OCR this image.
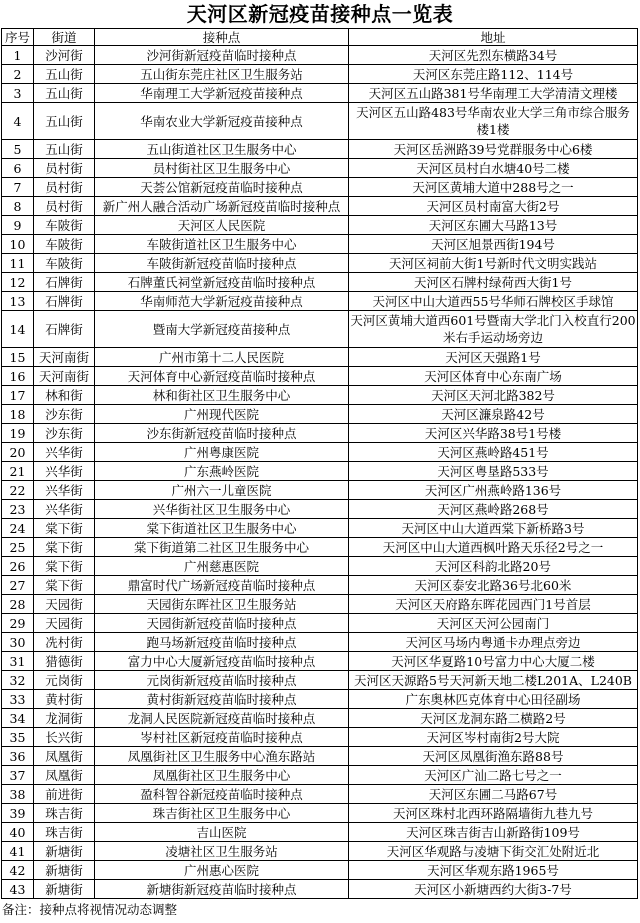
天河区新冠疫苗接种点一览表
序号	街道	接种点	地址
1	沙河街	沙河街新冠疫苗临时接种点	天河区先烈东横路34号
2	五山街	五山街东莞庄社区卫生服务站	天河区东莞庄路112、114号
3	五山街	华南理工大学新冠疫苗接种点	天河区五山路381号华南理工大学清清文理楼
4	五山街	华南农业大学新冠疫苗接种点	天河区五山路483号华南农业大学三角市综合服务楼1楼
5	五山街	五山街道社区卫生服务中心	天河区岳洲路39号党群服务中心6楼
6	员村街	员村街社区卫生服务中心	天河区员村白水塘40号二楼
7	员村街	天荟公馆新冠疫苗临时接种点	天河区黄埔大道中288号之一
8	员村街	新广州人融合活动广场新冠疫苗临时接种点	天河区员村南富大街2号
9	车陂街	天河区人民医院	天河区东圃大马路13号
10	车陂街	车陂街道社区卫生服务中心	天河区旭景西街194号
11	车陂街	车陂街新冠疫苗临时接种点	天河区祠前大街1号新时代文明实践站
12	石牌街	石牌董氏祠堂新冠疫苗临时接种点	天河区石牌村绿荷西大街1号
13	石牌街	华南师范大学新冠疫苗接种点	天河区中山大道西55号华师石牌校区手球馆
14	石牌街	暨南大学新冠疫苗接种点	天河区黄埔大道西601号暨南大学北门入校直行200米右手运动场旁边
15	天河南街	广州市第十二人民医院	天河区天强路1号
16	天河南街	天河体育中心新冠疫苗临时接种点	天河区体育中心东南广场
17	林和街	林和街社区卫生服务中心	天河区天河北路382号
18	沙东街	广州现代医院	天河区濂泉路42号
19	沙东街	沙东街新冠疫苗临时接种点	天河区兴华路38号1号楼
20	兴华街	广州粤康医院	天河区燕岭路451号
21	兴华街	广东燕岭医院	天河区粤垦路533号
22	兴华街	广州六一儿童医院	天河区广州燕岭路136号
23	兴华街	兴华街社区卫生服务中心	天河区燕岭路268号
24	棠下街	棠下街道社区卫生服务中心	天河区中山大道西棠下新桥路3号
25	棠下街	棠下街道第二社区卫生服务中心	天河区中山大道西枫叶路天乐径2号之一
26	棠下街	广州慈惠医院	天河区科韵北路20号
27	棠下街	鼎富时代广场新冠疫苗临时接种点	天河区泰安北路36号北60米
28	天园街	天园街东晖社区卫生服务站	天河区天府路东晖花园西门1号首层
29	天园街	天园街新冠疫苗临时接种点	天河区天河公园南门
30	冼村街	跑马场新冠疫苗临时接种点	天河区马场内粤通卡办理点旁边
31	猎德街	富力中心大厦新冠疫苗临时接种点	天河区华夏路10号富力中心大厦二楼
32	元岗街	元岗街新冠疫苗临时接种点	天河区天源路5号天河新天地二楼L201A、L240B
33	黄村街	黄村街新冠疫苗临时接种点	广东奥林匹克体育中心田径副场
34	龙洞街	龙洞人民医院新冠疫苗临时接种点	天河区龙洞东路二横路2号
35	长兴街	岑村社区新冠疫苗临时接种点	天河区岑村南街2号大院
36	凤凰街	凤凰街社区卫生服务中心渔东路站	天河区凤凰街渔东路88号
37	凤凰街	凤凰街社区卫生服务中心	天河区广汕二路七号之一
38	前进街	盈科智谷新冠疫苗临时接种点	天河区东圃二马路67号
39	珠吉街	珠吉街社区卫生服务中心	天河区珠村北西环路隔墙街九巷九号
40	珠吉街	吉山医院	天河区珠吉街吉山新路街109号
41	新塘街	凌塘社区卫生服务站	天河区华观路与凌塘下街交汇处附近北
42	新塘街	广州惠心医院	天河区华观东路1965号
43	新塘街	新塘街新冠疫苗临时接种点	天河区小新塘西约大街3-7号
备注：接种点将视情况动态调整
